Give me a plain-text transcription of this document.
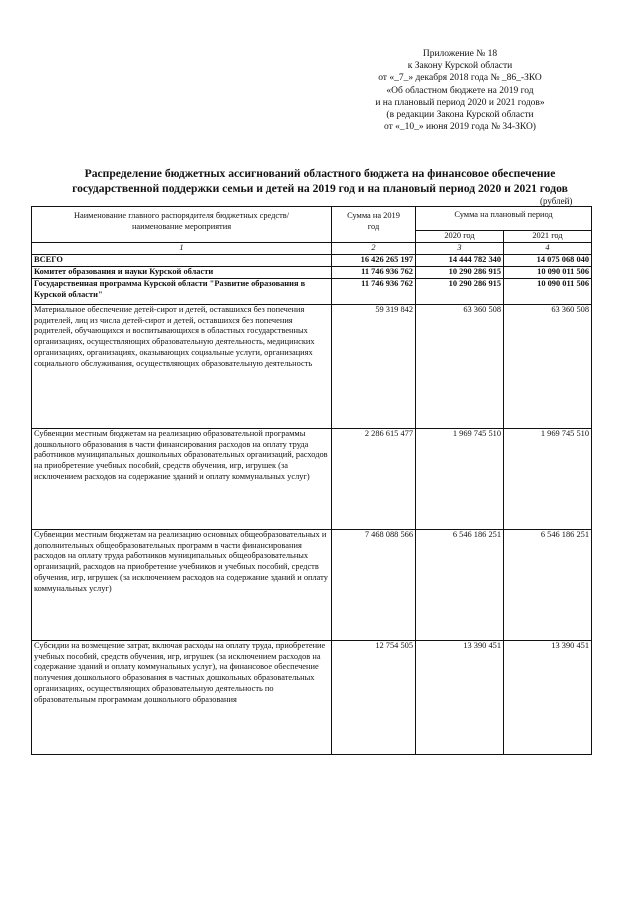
Приложение № 18
к Закону Курской области
от «_7_» декабря 2018 года № _86_-ЗКО
«Об областном бюджете на 2019 год
и на плановый период 2020 и 2021 годов»
(в редакции Закона Курской области
от «_10_» июня 2019 года № 34-ЗКО)
Распределение бюджетных ассигнований областного бюджета на финансовое обеспечение
государственной поддержки семьи и детей на 2019 год и на плановый период 2020 и 2021 годов
(рублей)
Наименование главного распорядителя бюджетных средств/наименование мероприятия	Сумма на 2019 год	Сумма на плановый период	
		2020 год	2021 год
1	2	3	4
ВСЕГО	16 426 265 197	14 444 782 340	14 075 068 040
Комитет образования и науки Курской области	11 746 936 762	10 290 286 915	10 090 011 506
Государственная программа Курской области "Развитие образования в Курской области"	11 746 936 762	10 290 286 915	10 090 011 506
Материальное обеспечение детей-сирот и детей, оставшихся без попечения родителей, лиц из числа детей-сирот и детей, оставшихся без попечения родителей, обучающихся и воспитывающихся в областных государственных организациях, осуществляющих образовательную деятельность, медицинских организациях, организациях, оказывающих социальные услуги, организациях социального обслуживания, осуществляющих образовательную деятельность	59 319 842	63 360 508	63 360 508
Субвенции местным бюджетам на реализацию образовательной программы дошкольного образования в части финансирования расходов на оплату труда работников муниципальных дошкольных образовательных организаций, расходов на приобретение учебных пособий, средств обучения, игр, игрушек (за исключением расходов на содержание зданий и оплату коммунальных услуг)	2 286 615 477	1 969 745 510	1 969 745 510
Субвенции местным бюджетам на реализацию основных общеобразовательных и дополнительных общеобразовательных программ в части финансирования расходов на оплату труда работников муниципальных общеобразовательных организаций, расходов на приобретение учебников и учебных пособий, средств обучения, игр, игрушек (за исключением расходов на содержание зданий и оплату коммунальных услуг)	7 468 088 566	6 546 186 251	6 546 186 251
Субсидии на возмещение затрат, включая расходы на оплату труда, приобретение учебных пособий, средств обучения, игр, игрушек (за исключением расходов на содержание зданий и оплату коммунальных услуг), на финансовое обеспечение получения дошкольного образования в частных дошкольных образовательных организациях, осуществляющих образовательную деятельность по образовательным программам дошкольного образования	12 754 505	13 390 451	13 390 451
